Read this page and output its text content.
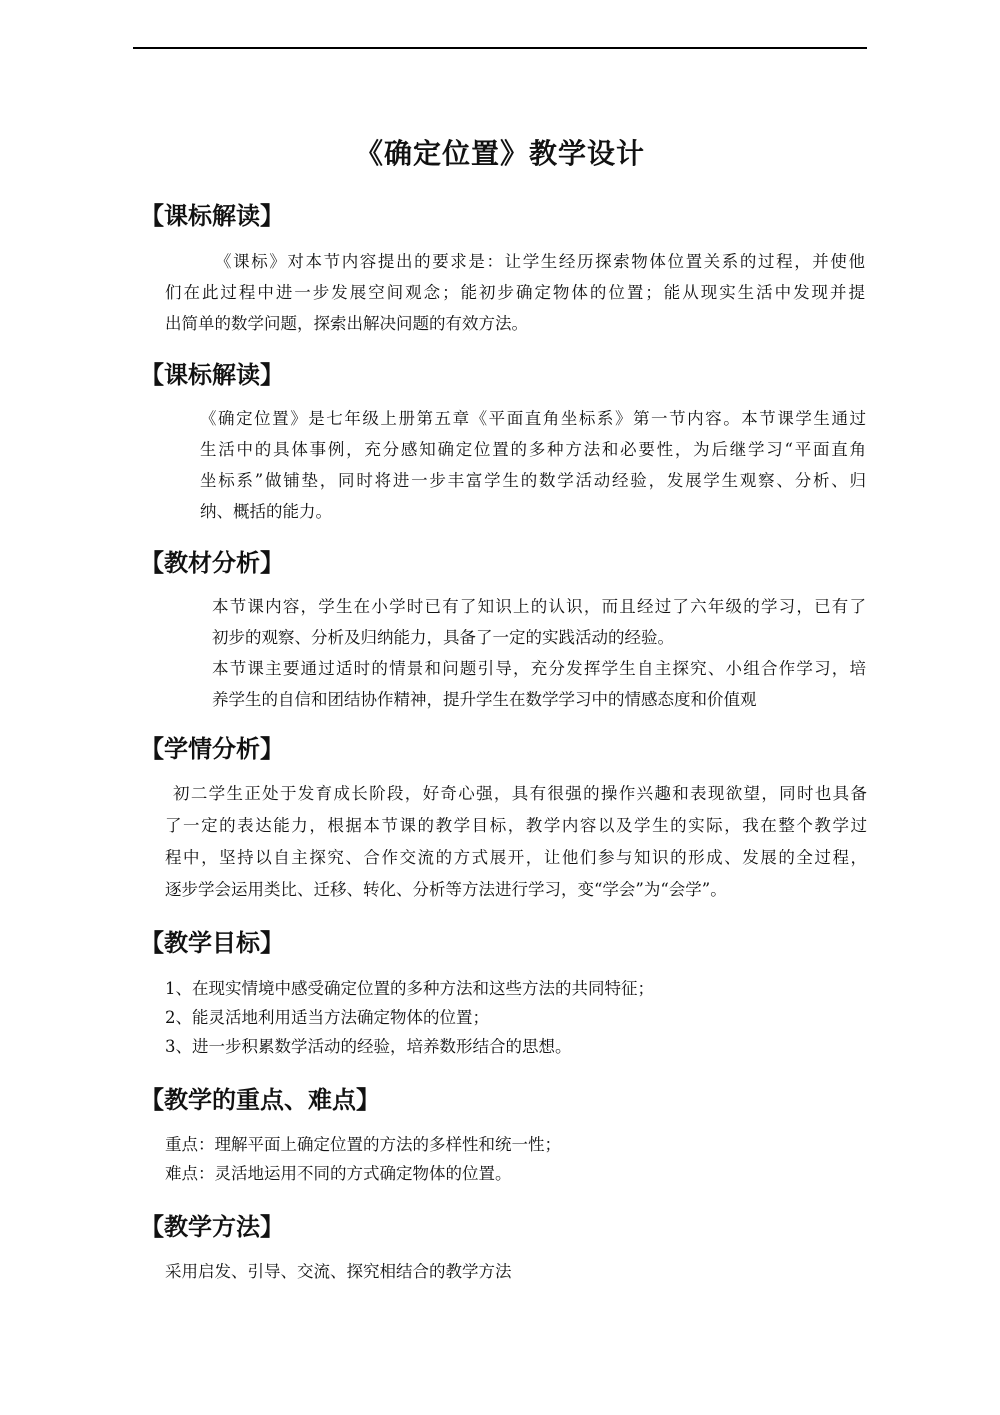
《确定位置》教学设计
【课标解读】
《课标》对本节内容提出的要求是：让学生经历探索物体位置关系的过程，并使他
们在此过程中进一步发展空间观念；能初步确定物体的位置；能从现实生活中发现并提
出简单的数学问题，探索出解决问题的有效方法。
【课标解读】
《确定位置》是七年级上册第五章《平面直角坐标系》第一节内容。本节课学生通过
生活中的具体事例，充分感知确定位置的多种方法和必要性，为后继学习“平面直角
坐标系”做铺垫，同时将进一步丰富学生的数学活动经验，发展学生观察、分析、归
纳、概括的能力。
【教材分析】
本节课内容，学生在小学时已有了知识上的认识，而且经过了六年级的学习，已有了
初步的观察、分析及归纳能力，具备了一定的实践活动的经验。
本节课主要通过适时的情景和问题引导，充分发挥学生自主探究、小组合作学习，培
养学生的自信和团结协作精神，提升学生在数学学习中的情感态度和价值观
【学情分析】
初二学生正处于发育成长阶段，好奇心强，具有很强的操作兴趣和表现欲望，同时也具备
了一定的表达能力，根据本节课的教学目标，教学内容以及学生的实际，我在整个教学过
程中，坚持以自主探究、合作交流的方式展开，让他们参与知识的形成、发展的全过程，
逐步学会运用类比、迁移、转化、分析等方法进行学习，变“学会”为“会学”。
【教学目标】
1、在现实情境中感受确定位置的多种方法和这些方法的共同特征；
2、能灵活地利用适当方法确定物体的位置；
3、进一步积累数学活动的经验，培养数形结合的思想。
【教学的重点、难点】
重点：理解平面上确定位置的方法的多样性和统一性；
难点：灵活地运用不同的方式确定物体的位置。
【教学方法】
采用启发、引导、交流、探究相结合的教学方法
